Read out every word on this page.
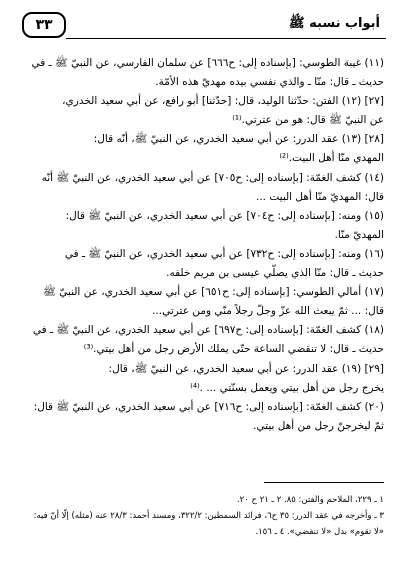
٣٣	أبواب نسبه ﷺ
(١١) غيبة الطوسي: [بإسناده إلى: ح٦٦٦] عن سلمان الفارسي، عن النبيّ ﷺ ـ في
حديث ـ قال: منّا ـ والذي نفسي بيده مهديّ هذه الأمّة.
[٢٧] (١٢) الفتن: حدّثنا الوليد، قال: [حدّثنا] أبو رافع، عن أبي سعيد الخدري،
عن النبيّ ﷺ قال: هو من عترتي.⁽¹⁾
[٢٨] (١٣) عقد الدرر: عن أبي سعيد الخدري، عن النبيّ ﷺ، أنّه قال:
المهدي منّا أهل البيت.⁽²⁾
(١٤) كشف الغمّة: [بإسناده إلى: ح٧٠٥] عن أبي سعيد الخدري، عن النبيّ ﷺ أنّه
قال: المهديّ منّا أهل البيت ...
(١٥) ومنه: [بإسناده إلى: ح٧٠٤] عن أبي سعيد الخدري، عن النبيّ ﷺ قال:
المهديّ منّا.
(١٦) ومنه: [بإسناده إلى: ح٧٣٢] عن أبي سعيد الخدري، عن النبيّ ﷺ ـ في
حديث ـ قال: منّا الذي يصلّي عيسى بن مريم خلفه.
(١٧) أمالي الطوسي: [بإسناده إلى: ح٦٥١] عن أبي سعيد الخدري، عن النبيّ ﷺ
قال: ... ثمّ يبعث الله عزّ وجلّ رجلاً منّي ومن عترتي...
(١٨) كشف الغمّة: [بإسناده إلى: ح٦٩٧] عن أبي سعيد الخدري، عن النبيّ ﷺ ـ في
حديث ـ قال: لا تنقضي الساعة حتّى يملك الأرض رجل من أهل بيتي.⁽³⁾
[٢٩] (١٩) عقد الدرر: عن أبي سعيد الخدري، عن النبيّ ﷺ، قال:
يخرج رجل من أهل بيتي ويعمل بسنّتي ... .⁽⁴⁾
(٢٠) كشف الغمّة: [بإسناده إلى: ح٧١٦] عن أبي سعيد الخدري، عن النبيّ ﷺ قال:
ثمّ ليخرجنّ رجل من أهل بيتي.
١ ـ ٢٢٩، الملاحم والفتن: ٨٥. ٢ ـ ٢١ ح ٢٠.
٣ ـ وأخرجه في عقد الدرر: ٣٥ ح٦، فرائد السمطين: ٣٢٢/٢، ومسند أحمد: ٢٨/٣ عنه (مثله) إلّا أنّ فيه:
«لا تقوم» بدل «لا تنقضي». ٤ ـ ١٥٦.
